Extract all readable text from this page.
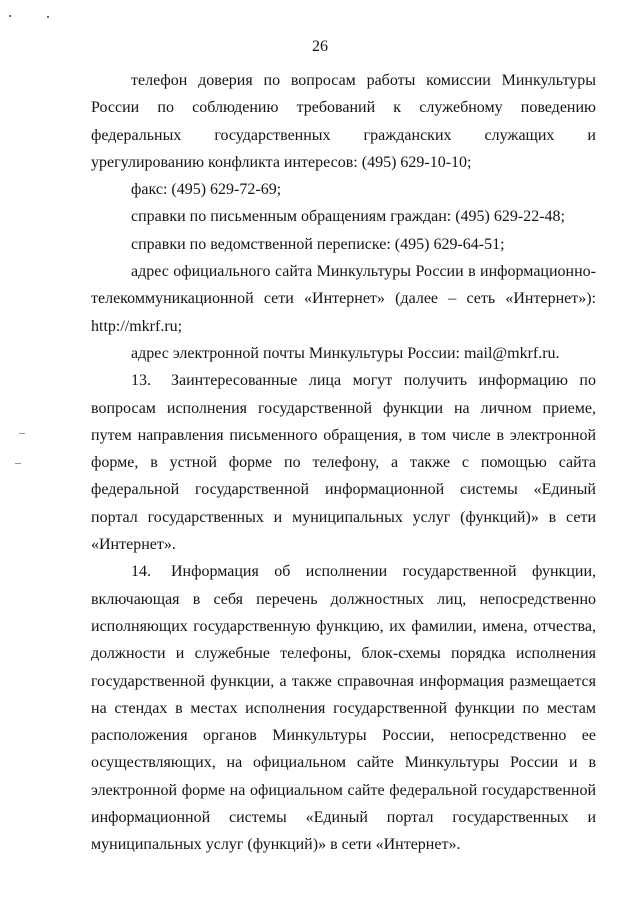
26

телефон доверия по вопросам работы комиссии Минкультуры России по соблюдению требований к служебному поведению федеральных государственных гражданских служащих и урегулированию конфликта интересов: (495) 629-10-10;

факс: (495) 629-72-69;

справки по письменным обращениям граждан: (495) 629-22-48;

справки по ведомственной переписке: (495) 629-64-51;

адрес официального сайта Минкультуры России в информационно-телекоммуникационной сети «Интернет» (далее – сеть «Интернет»): http://mkrf.ru;

адрес электронной почты Минкультуры России: mail@mkrf.ru.

13. Заинтересованные лица могут получить информацию по вопросам исполнения государственной функции на личном приеме, путем направления письменного обращения, в том числе в электронной форме, в устной форме по телефону, а также с помощью сайта федеральной государственной информационной системы «Единый портал государственных и муниципальных услуг (функций)» в сети «Интернет».

14. Информация об исполнении государственной функции, включающая в себя перечень должностных лиц, непосредственно исполняющих государственную функцию, их фамилии, имена, отчества, должности и служебные телефоны, блок-схемы порядка исполнения государственной функции, а также справочная информация размещается на стендах в местах исполнения государственной функции по местам расположения органов Минкультуры России, непосредственно ее осуществляющих, на официальном сайте Минкультуры России и в электронной форме на официальном сайте федеральной государственной информационной системы «Единый портал государственных и муниципальных услуг (функций)» в сети «Интернет».
